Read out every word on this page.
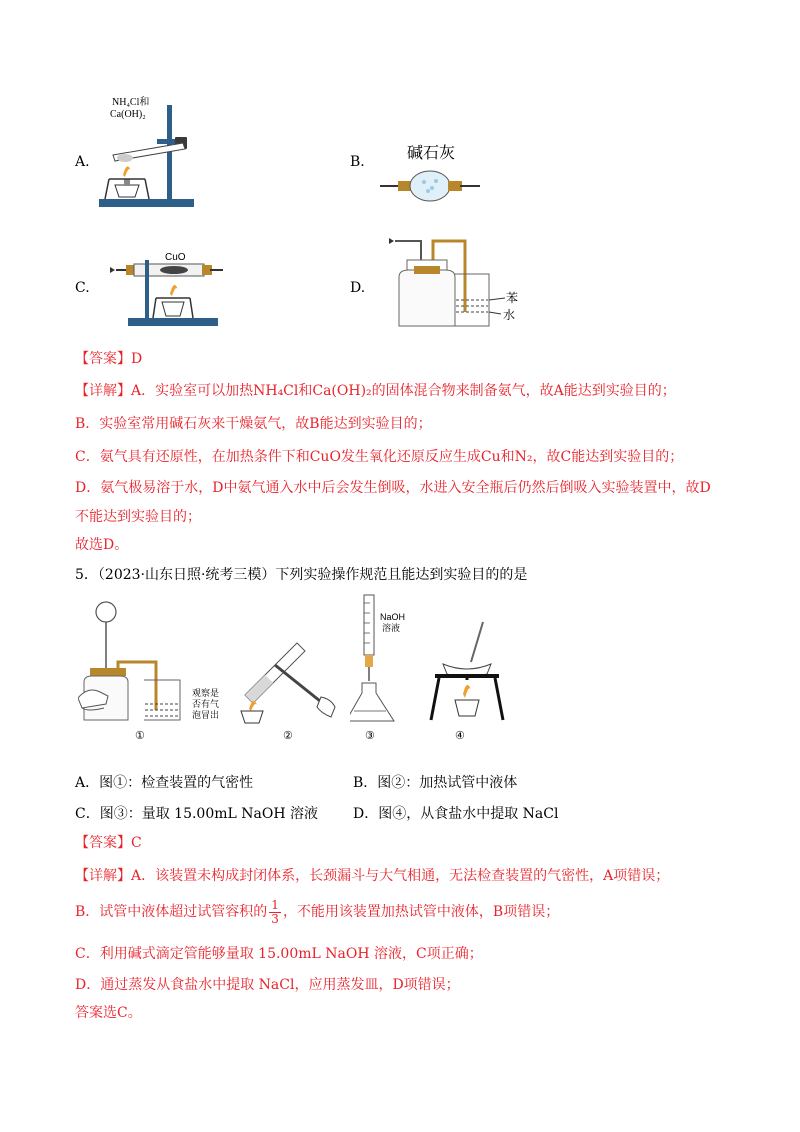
A.
NH₄Cl和
Ca(OH)₂
B.	碱石灰
C.
CuO
D.
苯
水
【答案】D
【详解】A．实验室可以加热NH₄Cl和Ca(OH)₂的固体混合物来制备氨气，故A能达到实验目的；
B．实验室常用碱石灰来干燥氨气，故B能达到实验目的；
C．氨气具有还原性，在加热条件下和CuO发生氧化还原反应生成Cu和N₂，故C能达到实验目的；
D．氨气极易溶于水，D中氨气通入水中后会发生倒吸，水进入安全瓶后仍然后倒吸入实验装置中，故D
不能达到实验目的；
故选D。
5．（2023·山东日照·统考三模）下列实验操作规范且能达到实验目的的是
观察是
否有气
泡冒出
①	②
NaOH
溶液
③	④
A．图①：检查装置的气密性	B．图②：加热试管中液体
C．图③：量取 15.00mL NaOH 溶液	D．图④，从食盐水中提取 NaCl
【答案】C
【详解】A．该装置未构成封闭体系，长颈漏斗与大气相通，无法检查装置的气密性，A项错误；
B．试管中液体超过试管容积的 $\frac{1}{3}$ ，不能用该装置加热试管中液体，B项错误；
C．利用碱式滴定管能够量取 15.00mL NaOH 溶液，C项正确；
D．通过蒸发从食盐水中提取 NaCl，应用蒸发皿，D项错误；
答案选C。
